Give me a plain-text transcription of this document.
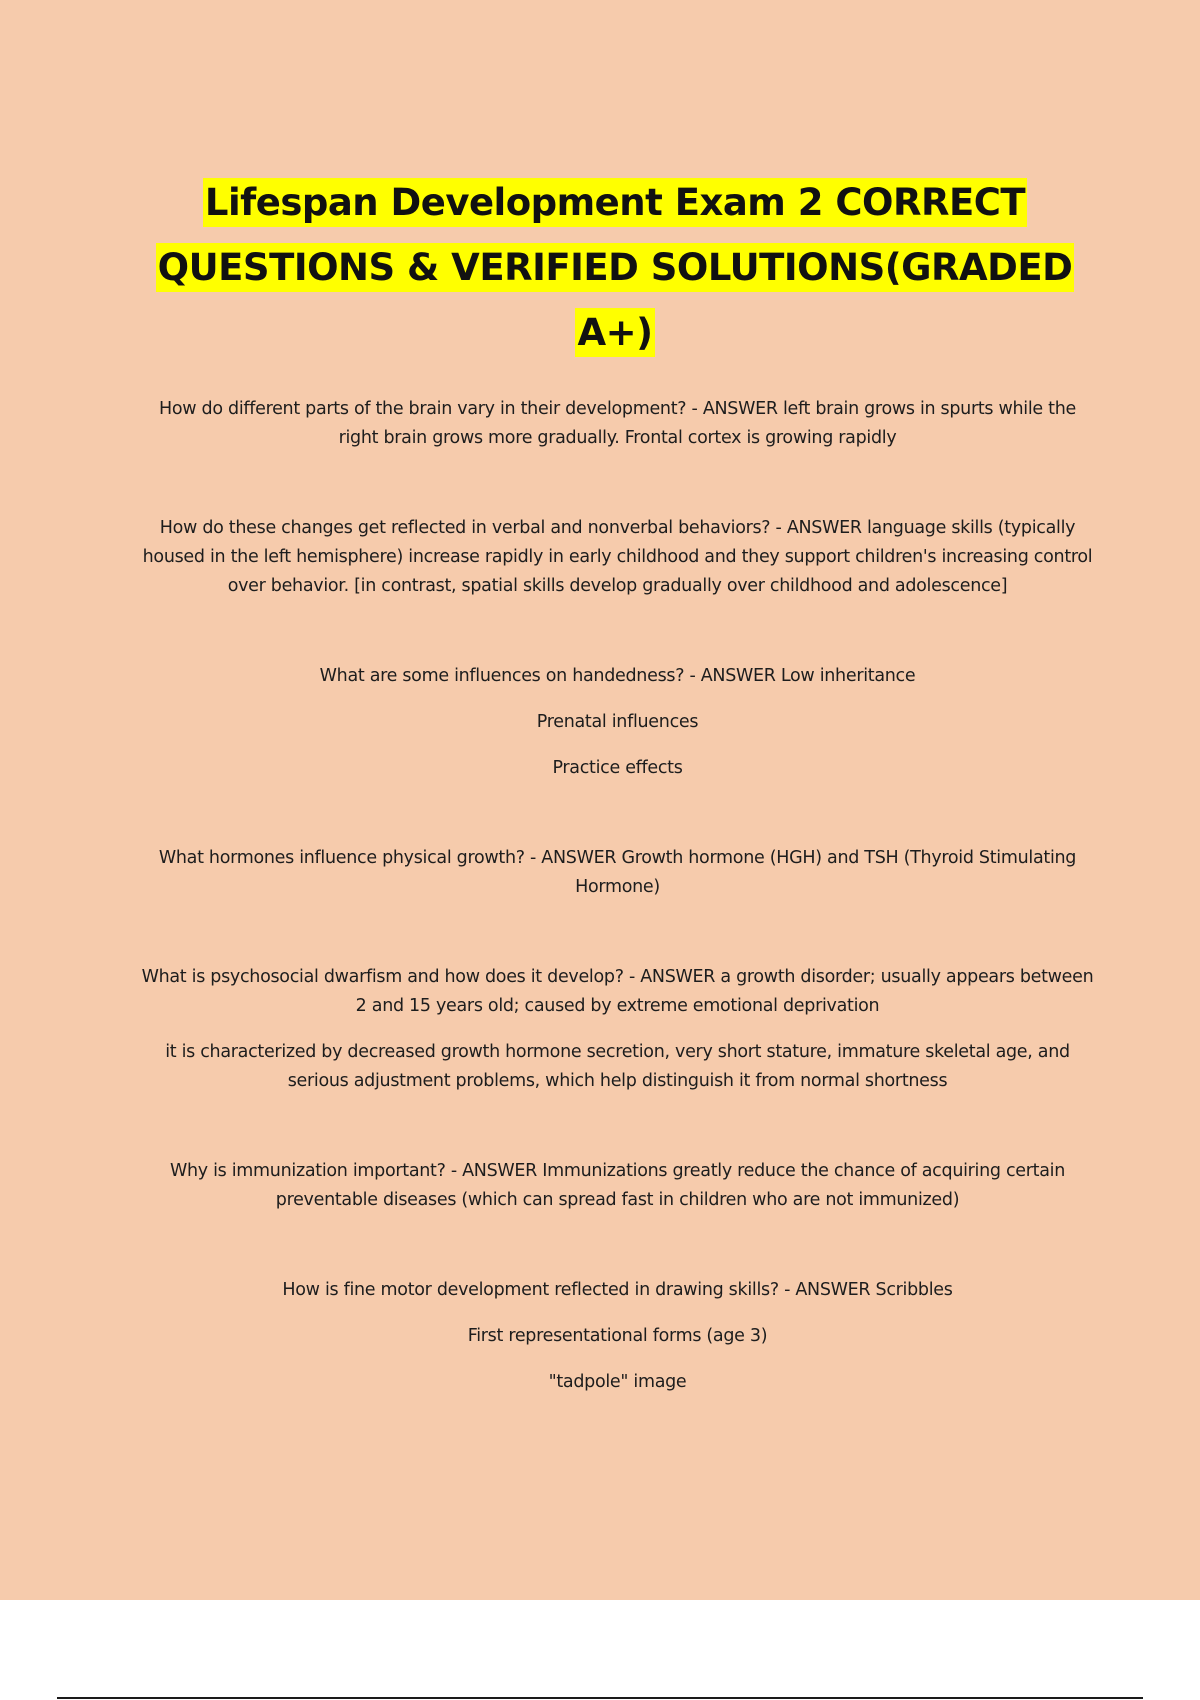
Lifespan Development Exam 2 CORRECT QUESTIONS & VERIFIED SOLUTIONS(GRADED A+)

How do different parts of the brain vary in their development? - ANSWER left brain grows in spurts while the right brain grows more gradually. Frontal cortex is growing rapidly

How do these changes get reflected in verbal and nonverbal behaviors? - ANSWER language skills (typically housed in the left hemisphere) increase rapidly in early childhood and they support children's increasing control over behavior. [in contrast, spatial skills develop gradually over childhood and adolescence]

What are some influences on handedness? - ANSWER Low inheritance

Prenatal influences

Practice effects

What hormones influence physical growth? - ANSWER Growth hormone (HGH) and TSH (Thyroid Stimulating Hormone)

What is psychosocial dwarfism and how does it develop? - ANSWER a growth disorder; usually appears between 2 and 15 years old; caused by extreme emotional deprivation

it is characterized by decreased growth hormone secretion, very short stature, immature skeletal age, and serious adjustment problems, which help distinguish it from normal shortness

Why is immunization important? - ANSWER Immunizations greatly reduce the chance of acquiring certain preventable diseases (which can spread fast in children who are not immunized)

How is fine motor development reflected in drawing skills? - ANSWER Scribbles

First representational forms (age 3)

"tadpole" image
